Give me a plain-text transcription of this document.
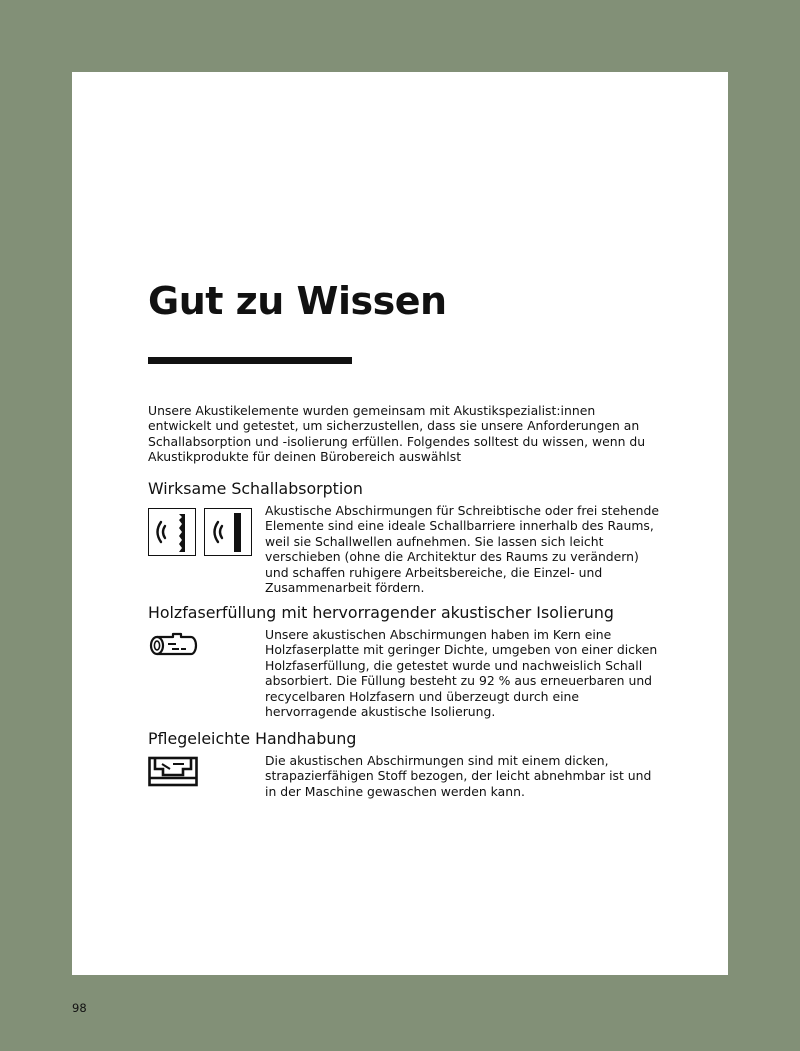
Gut zu Wissen

Unsere Akustikelemente wurden gemeinsam mit Akustikspezialist:innen entwickelt und getestet, um sicherzustellen, dass sie unsere Anforderungen an Schallabsorption und -isolierung erfüllen. Folgendes solltest du wissen, wenn du Akustikprodukte für deinen Bürobereich auswählst

Wirksame Schallabsorption

Akustische Abschirmungen für Schreibtische oder frei stehende Elemente sind eine ideale Schallbarriere innerhalb des Raums, weil sie Schallwellen aufnehmen. Sie lassen sich leicht verschieben (ohne die Architektur des Raums zu verändern) und schaffen ruhigere Arbeitsbereiche, die Einzel- und Zusammenarbeit fördern.

Holzfaserfüllung mit hervorragender akustischer Isolierung

Unsere akustischen Abschirmungen haben im Kern eine Holzfaserplatte mit geringer Dichte, umgeben von einer dicken Holzfaserfüllung, die getestet wurde und nachweislich Schall absorbiert. Die Füllung besteht zu 92 % aus erneuerbaren und recycelbaren Holzfasern und überzeugt durch eine hervorragende akustische Isolierung.

Pflegeleichte Handhabung

Die akustischen Abschirmungen sind mit einem dicken, strapazierfähigen Stoff bezogen, der leicht abnehmbar ist und in der Maschine gewaschen werden kann.

98
